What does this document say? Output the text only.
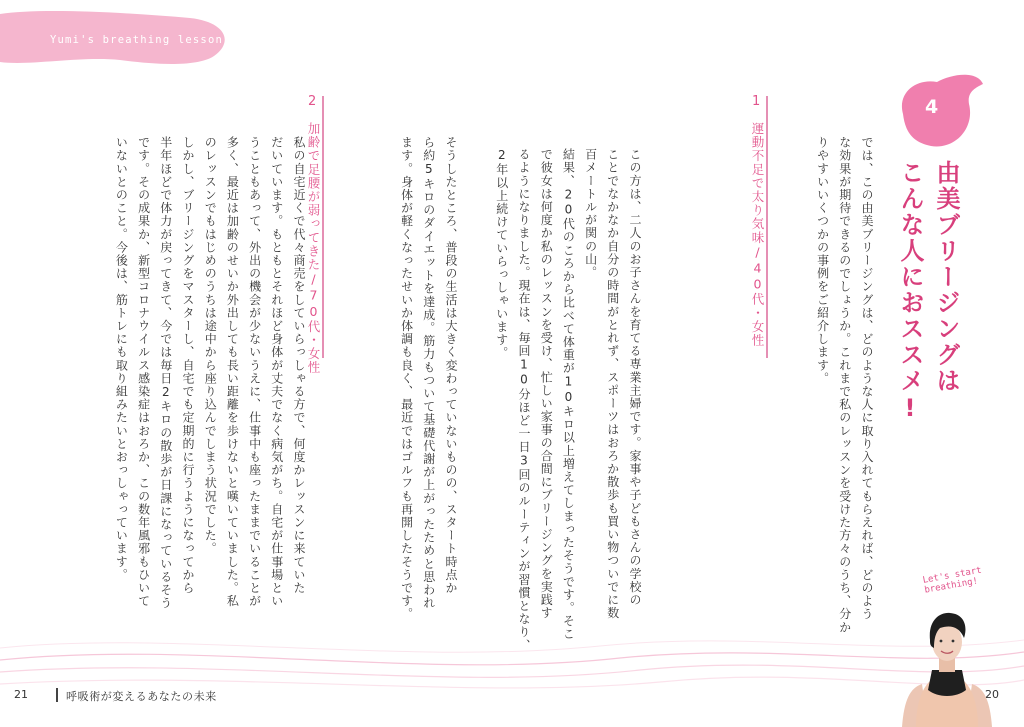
Yumi's breathing lesson
4
由美ブリージングは
こんな人におススメ!
では、この由美ブリージングは、どのような人に取り入れてもらえれば、どのよう
な効果が期待できるのでしょうか。これまで私のレッスンを受けた方々のうち、分か
りやすいいくつかの事例をご紹介します。
1
運動不足で太り気味/40代・女性
この方は、二人のお子さんを育てる専業主婦です。家事や子どもさんの学校の
ことでなかなか自分の時間がとれず、スポーツはおろか散歩も買い物ついでに数
百メートルが関の山。
結果、20代のころから比べて体重が10キロ以上増えてしまったそうです。そこ
で彼女は何度か私のレッスンを受け、忙しい家事の合間にブリージングを実践す
るようになりました。現在は、毎回10分ほど一日3回のルーティンが習慣となり、
2年以上続けていらっしゃいます。
そうしたところ、普段の生活は大きく変わっていないものの、スタート時点か
ら約5キロのダイエットを達成。筋力もついて基礎代謝が上がったためと思われ
ます。身体が軽くなったせいか体調も良く、最近ではゴルフも再開したそうです。
2
加齢で足腰が弱ってきた/70代・女性
私の自宅近くで代々商売をしていらっしゃる方で、何度かレッスンに来ていた
だいています。もともとそれほど身体が丈夫でなく病気がち。自宅が仕事場とい
うこともあって、外出の機会が少ないうえに、仕事中も座ったままでいることが
多く、最近は加齢のせいか外出しても長い距離を歩けないと嘆いていました。私
のレッスンでもはじめのうちは途中から座り込んでしまう状況でした。
しかし、ブリージングをマスターし、自宅でも定期的に行うようになってから
半年ほどで体力が戻ってきて、今では毎日2キロの散歩が日課になっているそう
です。その成果か、新型コロナウイルス感染症はおろか、この数年風邪もひいて
いないとのこと。今後は、筋トレにも取り組みたいとおっしゃっています。
21	呼吸術が変えるあなたの未来	20
Let's start
breathing!
